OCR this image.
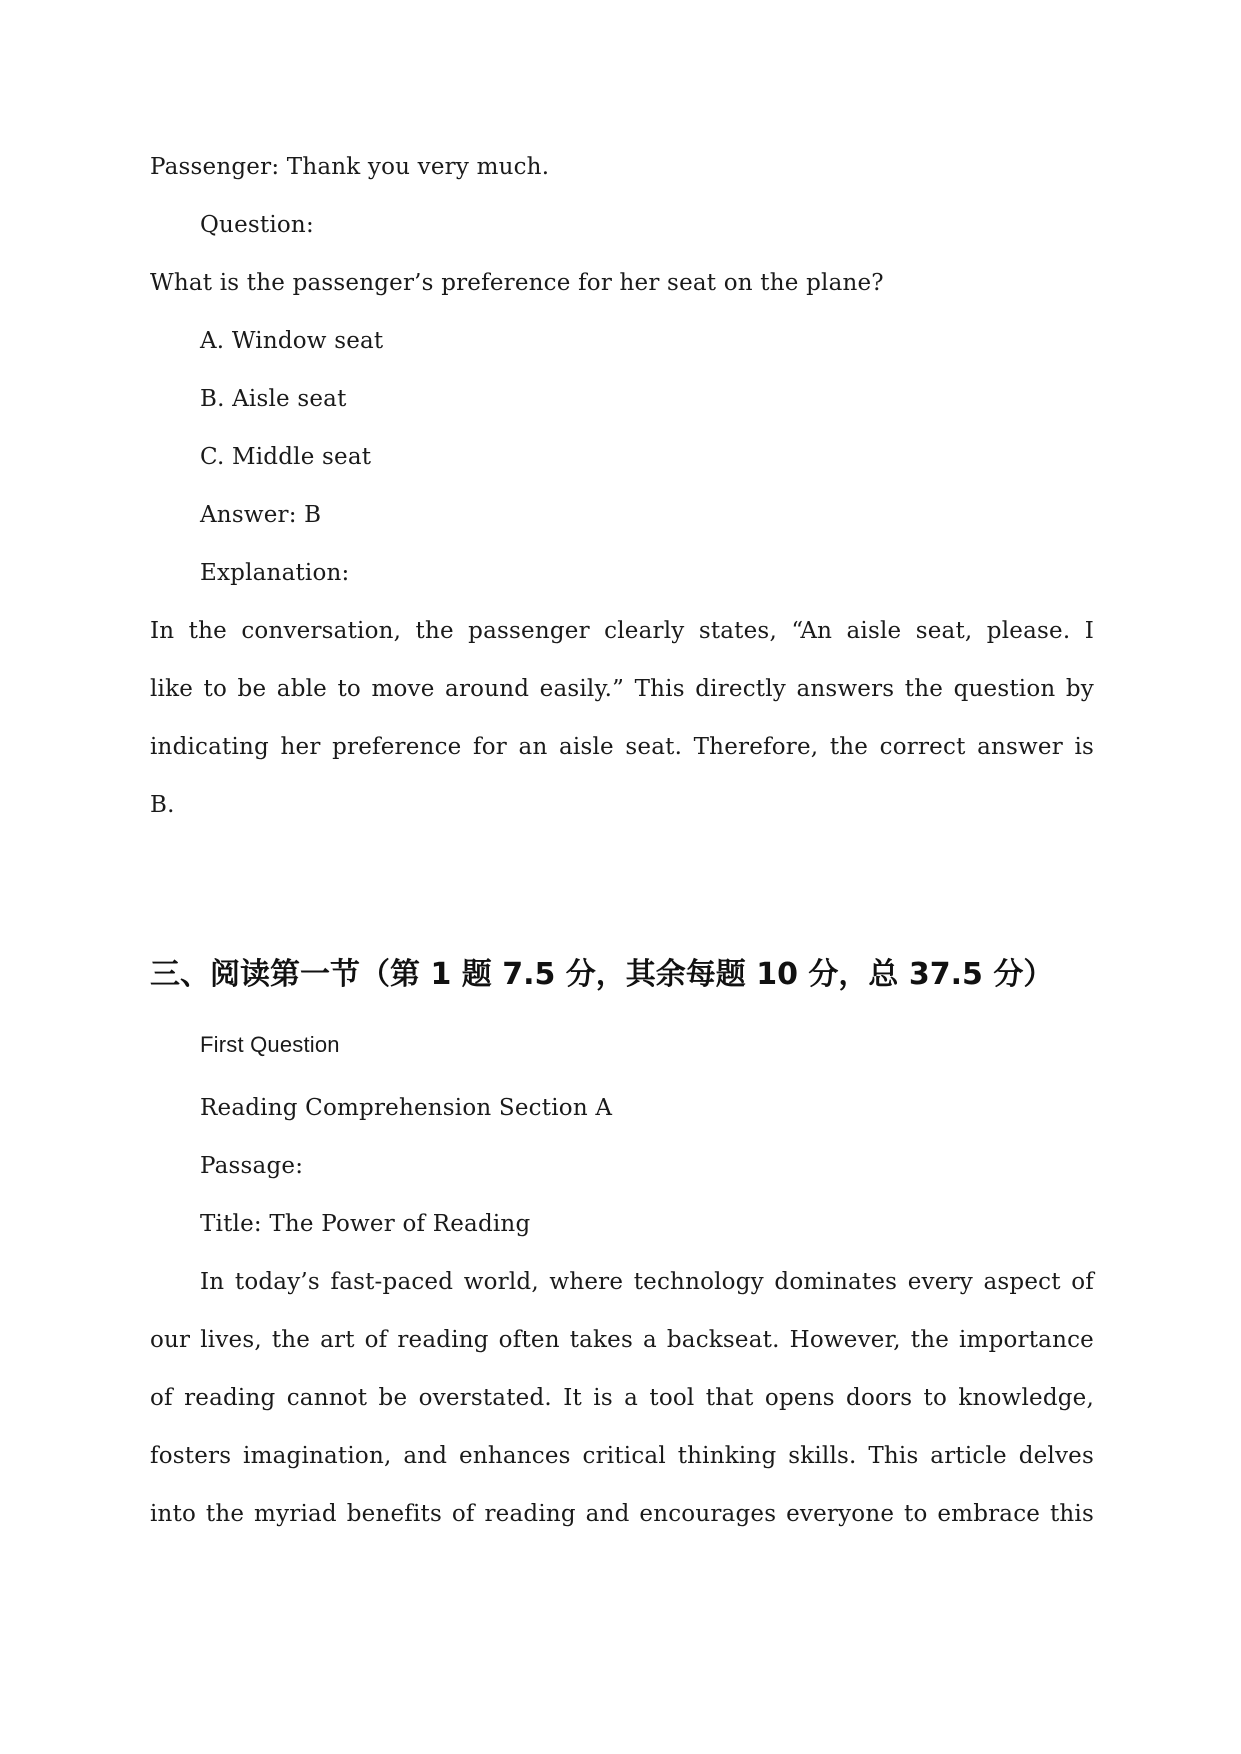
Passenger: Thank you very much.
Question:
What is the passenger’s preference for her seat on the plane?
A. Window seat
B. Aisle seat
C. Middle seat
Answer: B
Explanation:
In the conversation, the passenger clearly states, “An aisle seat, please. I
like to be able to move around easily.” This directly answers the question by
indicating her preference for an aisle seat. Therefore, the correct answer is
B.
三、阅读第一节（第 1 题 7.5 分，其余每题 10 分，总 37.5 分）
First Question
Reading Comprehension Section A
Passage:
Title: The Power of Reading
In today’s fast-paced world, where technology dominates every aspect of
our lives, the art of reading often takes a backseat. However, the importance
of reading cannot be overstated. It is a tool that opens doors to knowledge,
fosters imagination, and enhances critical thinking skills. This article delves
into the myriad benefits of reading and encourages everyone to embrace this
